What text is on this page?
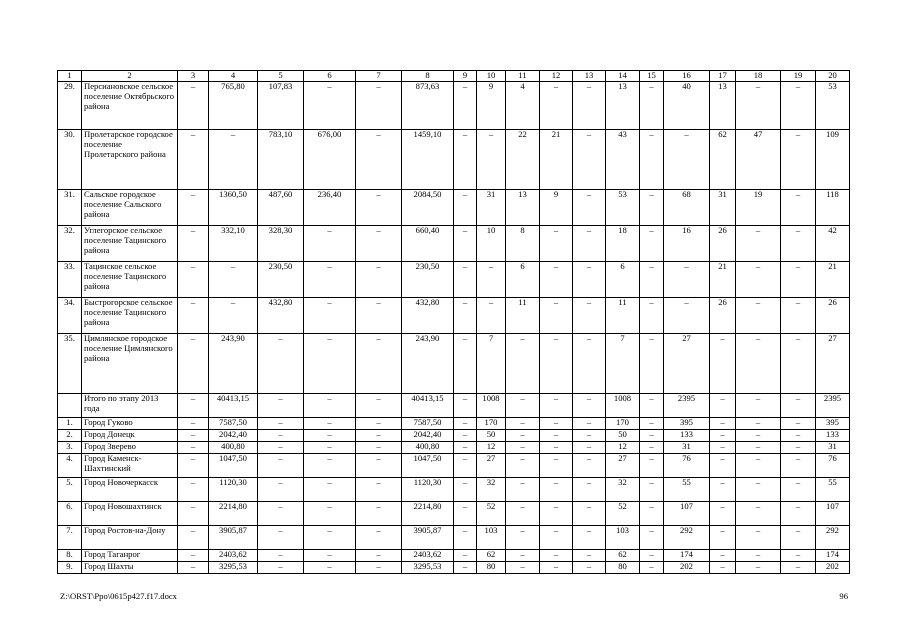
1	2	3	4	5	6	7	8	9	10	11	12	13	14	15	16	17	18	19	20
29.	Персиановское сельское поселение Октябрьского района	–	765,80	107,83	–	–	873,63	–	9	4	–	–	13	–	40	13	–	–	53
30.	Пролетарское городское поселение Пролетарского района	–	–	783,10	676,00	–	1459,10	–	–	22	21	–	43	–	–	62	47	–	109
31.	Сальское городское поселение Сальского района	–	1360,50	487,60	236,40	–	2084,50	–	31	13	9	–	53	–	68	31	19	–	118
32.	Углегорское сельское поселение Тацинского района	–	332,10	328,30	–	–	660,40	–	10	8	–	–	18	–	16	26	–	–	42
33.	Тацинское сельское поселение Тацинского района	–	–	230,50	–	–	230,50	–	–	6	–	–	6	–	–	21	–	–	21
34.	Быстрогорское сельское поселение Тацинского района	–	–	432,80	–	–	432,80	–	–	11	–	–	11	–	–	26	–	–	26
35.	Цимлянское городское поселение Цимлянского района	–	243,90	–	–	–	243,90	–	7	–	–	–	7	–	27	–	–	–	27
	Итого по этапу 2013 года	–	40413,15	–	–	–	40413,15	–	1008	–	–	–	1008	–	2395	–	–	–	2395
1.	Город Гуково	–	7587,50	–	–	–	7587,50	–	170	–	–	–	170	–	395	–	–	–	395
2.	Город Донецк	–	2042,40	–	–	–	2042,40	–	50	–	–	–	50	–	133	–	–	–	133
3.	Город Зверево	–	400,80	–	–	–	400,80	–	12	–	–	–	12	–	31	–	–	–	31
4.	Город Каменск-Шахтинский	–	1047,50	–	–	–	1047,50	–	27	–	–	–	27	–	76	–	–	–	76
5.	Город Новочеркасск	–	1120,30	–	–	–	1120,30	–	32	–	–	–	32	–	55	–	–	–	55
6.	Город Новошахтинск	–	2214,80	–	–	–	2214,80	–	52	–	–	–	52	–	107	–	–	–	107
7.	Город Ростов-на-Дону	–	3905,87	–	–	–	3905,87	–	103	–	–	–	103	–	292	–	–	–	292
8.	Город Таганрог	–	2403,62	–	–	–	2403,62	–	62	–	–	–	62	–	174	–	–	–	174
9.	Город Шахты	–	3295,53	–	–	–	3295,53	–	80	–	–	–	80	–	202	–	–	–	202
Z:\ORST\Ppo\0615p427.f17.docx	96
